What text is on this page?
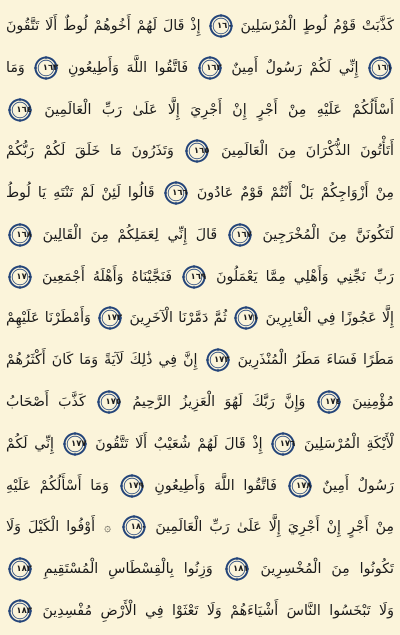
كَذَّبَتْ قَوْمُ لُوطٍ الْمُرْسَلِينَ
١٦٠
إِذْ قَالَ لَهُمْ أَخُوهُمْ لُوطٌ أَلَا تَتَّقُونَ
١٦١
إِنِّي لَكُمْ رَسُولٌ أَمِينٌ
١٦٢
فَاتَّقُوا اللَّهَ وَأَطِيعُونِ
١٦٣
وَمَا
أَسْأَلُكُمْ عَلَيْهِ مِنْ أَجْرٍ إِنْ أَجْرِيَ إِلَّا عَلَىٰ رَبِّ الْعَالَمِينَ
١٦٤
أَتَأْتُونَ الذُّكْرَانَ مِنَ الْعَالَمِينَ
١٦٥
وَتَذَرُونَ مَا خَلَقَ لَكُمْ رَبُّكُمْ
مِنْ أَزْوَاجِكُمْ بَلْ أَنْتُمْ قَوْمٌ عَادُونَ
١٦٦
قَالُوا لَئِنْ لَمْ تَنْتَهِ يَا لُوطُ
لَتَكُونَنَّ مِنَ الْمُخْرَجِينَ
١٦٧
قَالَ إِنِّي لِعَمَلِكُمْ مِنَ الْقَالِينَ
١٦٨
رَبِّ نَجِّنِي وَأَهْلِي مِمَّا يَعْمَلُونَ
١٦٩
فَنَجَّيْنَاهُ وَأَهْلَهُ أَجْمَعِينَ
١٧٠
إِلَّا عَجُوزًا فِي الْغَابِرِينَ
١٧١
ثُمَّ دَمَّرْنَا الْآخَرِينَ
١٧٢
وَأَمْطَرْنَا عَلَيْهِمْ
مَطَرًا فَسَاءَ مَطَرُ الْمُنْذَرِينَ
١٧٣
إِنَّ فِي ذَٰلِكَ لَآيَةً وَمَا كَانَ أَكْثَرُهُمْ
مُؤْمِنِينَ
١٧٤
وَإِنَّ رَبَّكَ لَهُوَ الْعَزِيزُ الرَّحِيمُ
١٧٥
كَذَّبَ أَصْحَابُ
لْأَيْكَةِ الْمُرْسَلِينَ
١٧٦
إِذْ قَالَ لَهُمْ شُعَيْبٌ أَلَا تَتَّقُونَ
١٧٧
إِنِّي لَكُمْ
رَسُولٌ أَمِينٌ
١٧٨
فَاتَّقُوا اللَّهَ وَأَطِيعُونِ
١٧٩
وَمَا أَسْأَلُكُمْ عَلَيْهِ
مِنْ أَجْرٍ إِنْ أَجْرِيَ إِلَّا عَلَىٰ رَبِّ الْعَالَمِينَ
١٨٠
۞ أَوْفُوا الْكَيْلَ وَلَا
تَكُونُوا مِنَ الْمُخْسِرِينَ
١٨١
وَزِنُوا بِالْقِسْطَاسِ الْمُسْتَقِيمِ
١٨٢
وَلَا تَبْخَسُوا النَّاسَ أَشْيَاءَهُمْ وَلَا تَعْثَوْا فِي الْأَرْضِ مُفْسِدِينَ
١٨٣
